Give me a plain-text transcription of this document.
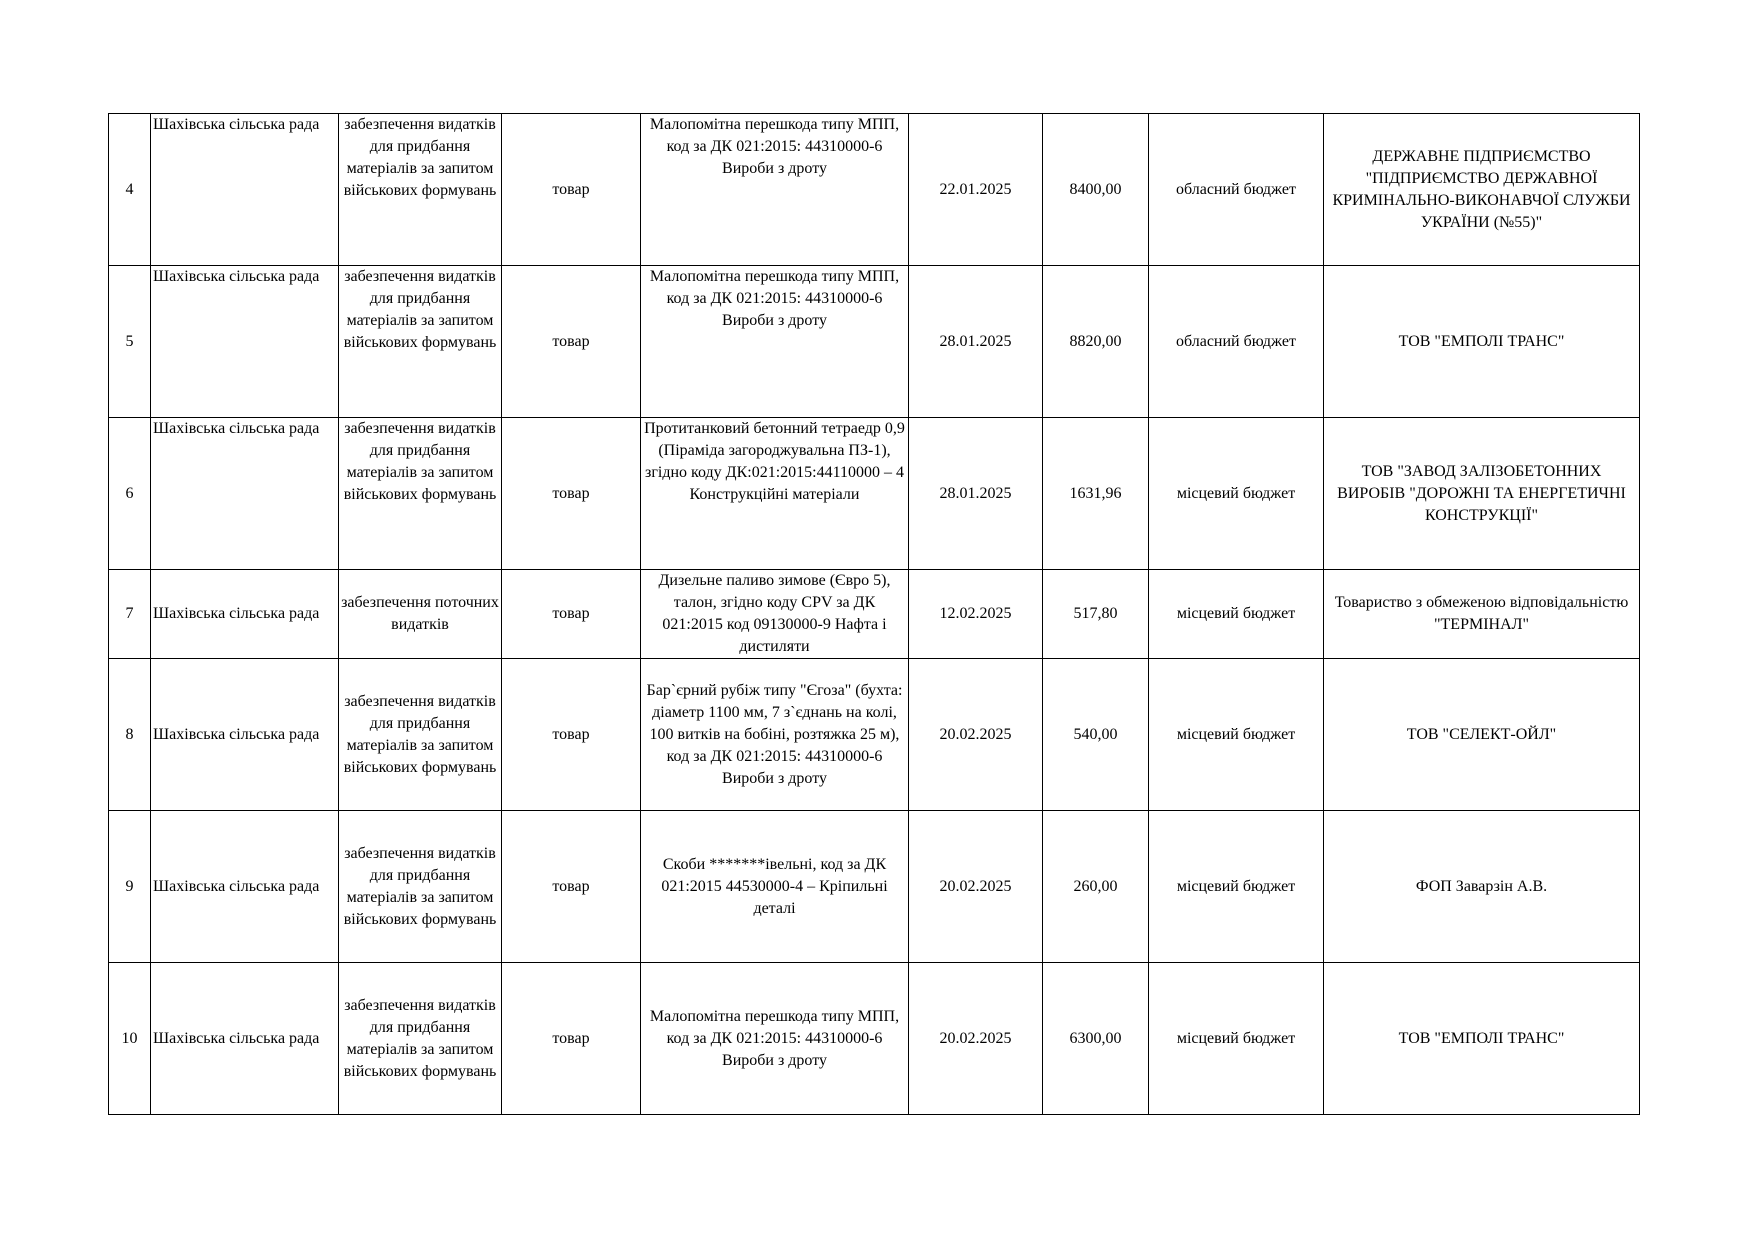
4	Шахівська сільська рада	забезпечення видатків для придбання матеріалів за запитом військових формувань	товар	Малопомітна перешкода типу МПП, код за ДК 021:2015: 44310000-6 Вироби з дроту	22.01.2025	8400,00	обласний бюджет	ДЕРЖАВНЕ ПІДПРИЄМСТВО "ПІДПРИЄМСТВО ДЕРЖАВНОЇ КРИМІНАЛЬНО-ВИКОНАВЧОЇ СЛУЖБИ УКРАЇНИ (№55)"
5	Шахівська сільська рада	забезпечення видатків для придбання матеріалів за запитом військових формувань	товар	Малопомітна перешкода типу МПП, код за ДК 021:2015: 44310000-6 Вироби з дроту	28.01.2025	8820,00	обласний бюджет	ТОВ "ЕМПОЛІ ТРАНС"
6	Шахівська сільська рада	забезпечення видатків для придбання матеріалів за запитом військових формувань	товар	Протитанковий бетонний тетраедр 0,9 (Піраміда загороджувальна ПЗ-1), згідно коду ДК:021:2015:44110000 – 4 Конструкційні матеріали	28.01.2025	1631,96	місцевий бюджет	ТОВ "ЗАВОД ЗАЛІЗОБЕТОННИХ ВИРОБІВ "ДОРОЖНІ ТА ЕНЕРГЕТИЧНІ КОНСТРУКЦІЇ"
7	Шахівська сільська рада	забезпечення поточних видатків	товар	Дизельне паливо зимове (Євро 5), талон, згідно коду CPV за ДК 021:2015 код 09130000-9 Нафта і дистиляти	12.02.2025	517,80	місцевий бюджет	Товариство з обмеженою відповідальністю "ТЕРМІНАЛ"
8	Шахівська сільська рада	забезпечення видатків для придбання матеріалів за запитом військових формувань	товар	Бар`єрний рубіж типу "Єгоза" (бухта: діаметр 1100 мм, 7 з`єднань на колі, 100 витків на бобіні, розтяжка 25 м), код за ДК 021:2015: 44310000-6 Вироби з дроту	20.02.2025	540,00	місцевий бюджет	ТОВ "СЕЛЕКТ-ОЙЛ"
9	Шахівська сільська рада	забезпечення видатків для придбання матеріалів за запитом військових формувань	товар	Скоби *******івельні, код за ДК 021:2015 44530000-4 – Кріпильні деталі	20.02.2025	260,00	місцевий бюджет	ФОП Заварзін А.В.
10	Шахівська сільська рада	забезпечення видатків для придбання матеріалів за запитом військових формувань	товар	Малопомітна перешкода типу МПП, код за ДК 021:2015: 44310000-6 Вироби з дроту	20.02.2025	6300,00	місцевий бюджет	ТОВ "ЕМПОЛІ ТРАНС"
